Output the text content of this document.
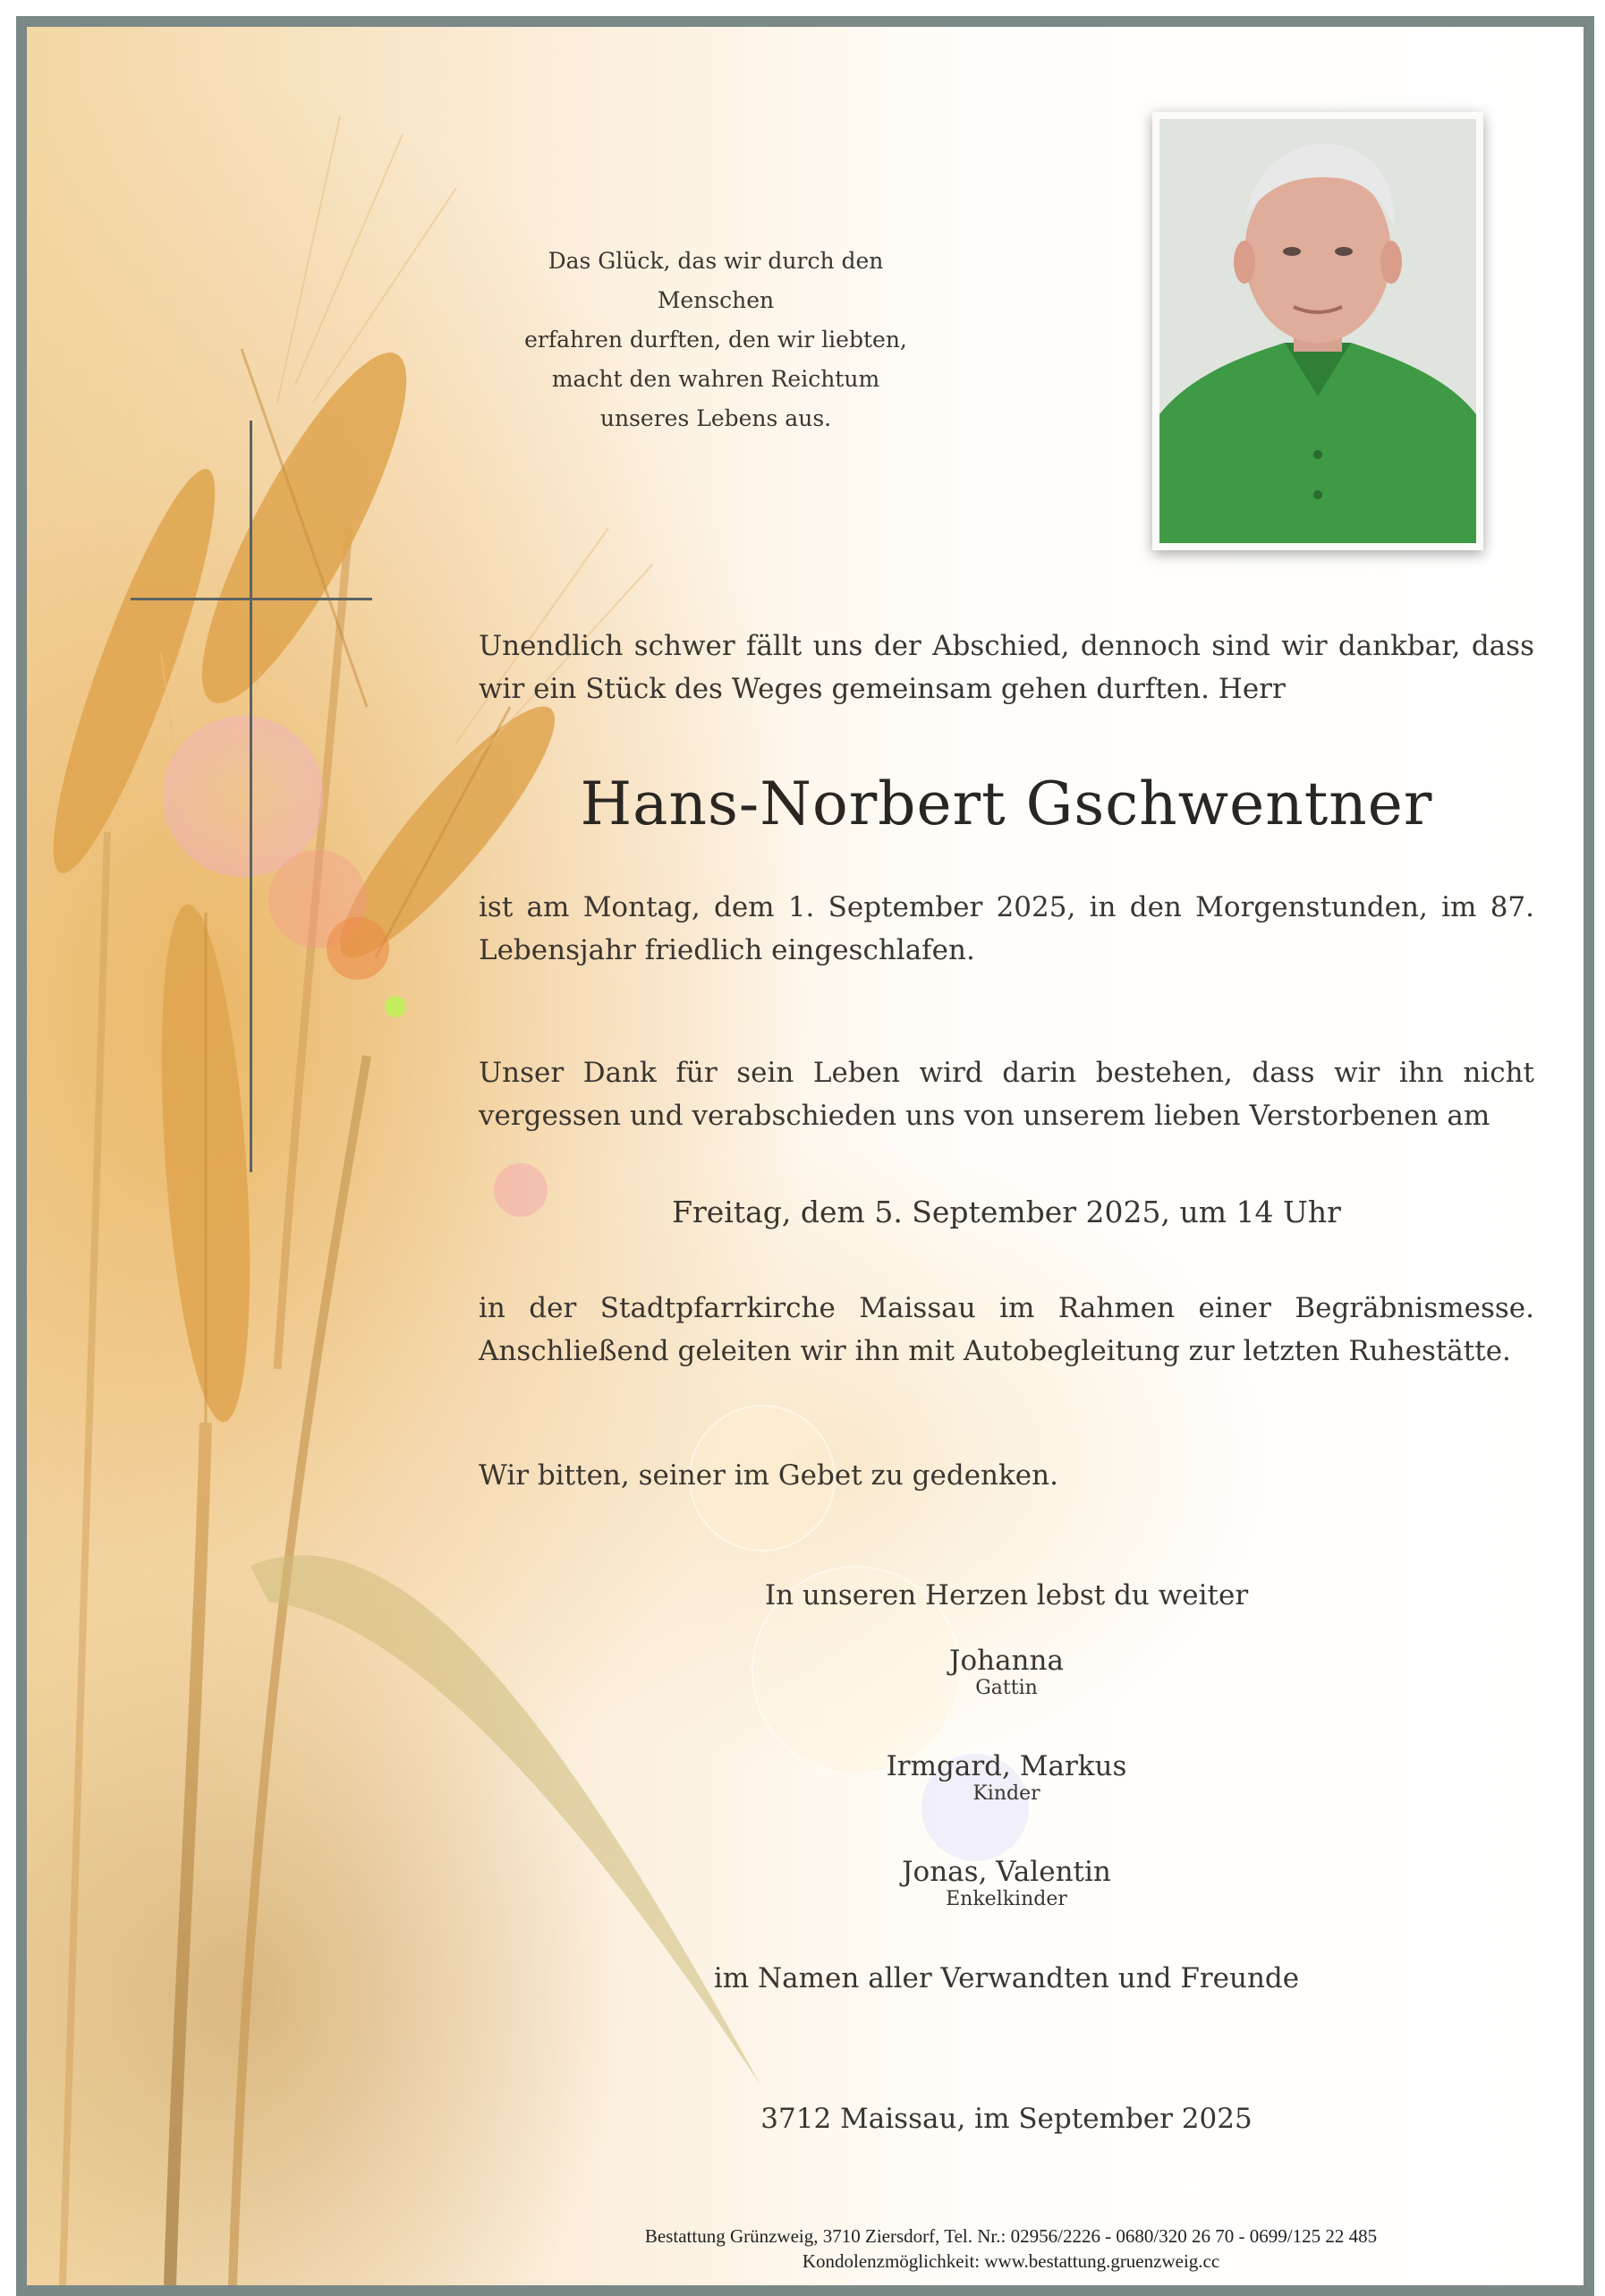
Das Glück, das wir durch den Menschen
erfahren durften, den wir liebten,
macht den wahren Reichtum
unseres Lebens aus.
Unendlich schwer fällt uns der Abschied, dennoch sind wir dankbar, dass wir ein Stück des Weges gemeinsam gehen durften. Herr
Hans-Norbert Gschwentner
ist am Montag, dem 1. September 2025, in den Morgenstunden, im 87. Lebensjahr friedlich eingeschlafen.
Unser Dank für sein Leben wird darin bestehen, dass wir ihn nicht vergessen und verabschieden uns von unserem lieben Verstorbenen am
Freitag, dem 5. September 2025, um 14 Uhr
in der Stadtpfarrkirche Maissau im Rahmen einer Begräbnismesse. Anschließend geleiten wir ihn mit Autobegleitung zur letzten Ruhestätte.
Wir bitten, seiner im Gebet zu gedenken.
In unseren Herzen lebst du weiter
Johanna
Gattin
Irmgard, Markus
Kinder
Jonas, Valentin
Enkelkinder
im Namen aller Verwandten und Freunde
3712 Maissau, im September 2025
Bestattung Grünzweig, 3710 Ziersdorf, Tel. Nr.: 02956/2226 - 0680/320 26 70 - 0699/125 22 485
Kondolenzmöglichkeit: www.bestattung.gruenzweig.cc
